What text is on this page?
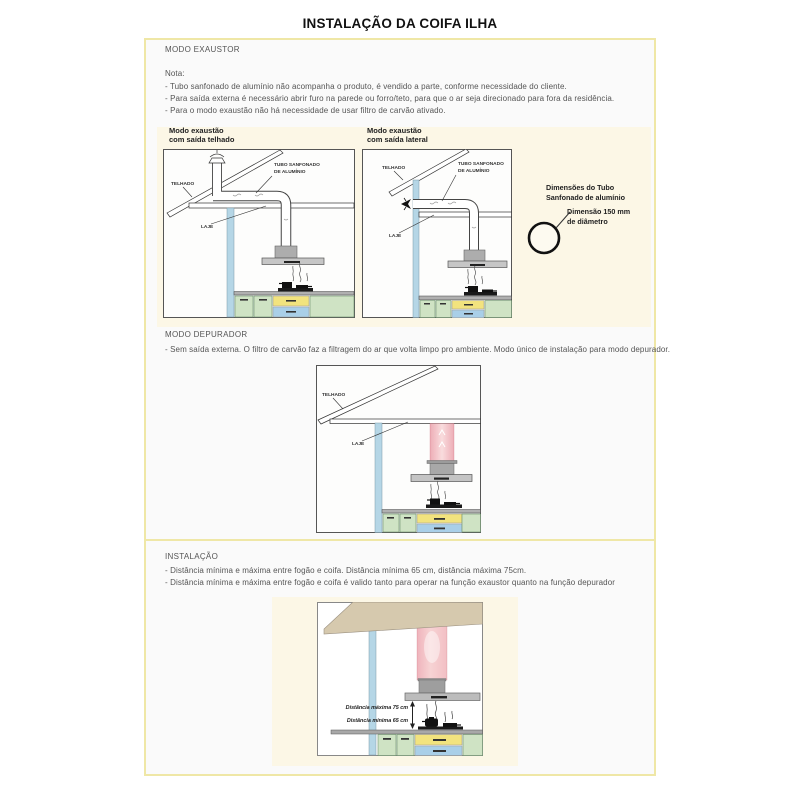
INSTALAÇÃO DA COIFA ILHA
MODO EXAUSTOR
Nota:
- Tubo sanfonado de alumínio não acompanha o produto, é vendido a parte, conforme necessidade do cliente.
- Para saída externa é necessário abrir furo na parede ou forro/teto, para que o ar seja direcionado para fora da residência.
- Para o modo exaustão não há necessidade de usar filtro de carvão ativado.
Modo exaustão
com saída telhado
Modo exaustão
com saída lateral
TELHADO
TUBO SANFONADO
DE ALUMÍNIO
LAJE
TELHADO
TUBO SANFONADO
DE ALUMÍNIO
LAJE
Dimensões do Tubo
Sanfonado de alumínio
Dimensão 150 mm
de diâmetro
MODO DEPURADOR
- Sem saída externa. O filtro de carvão faz a filtragem do ar que volta limpo pro ambiente. Modo único de instalação para modo depurador.
TELHADO
LAJE
INSTALAÇÃO
- Distância mínima e máxima entre fogão e coifa. Distância mínima 65 cm, distância máxima 75cm.
- Distância mínima e máxima entre fogão e coifa é valido tanto para operar na função exaustor quanto na função depurador
Distância máxima 75 cm
Distância mínima 65 cm
